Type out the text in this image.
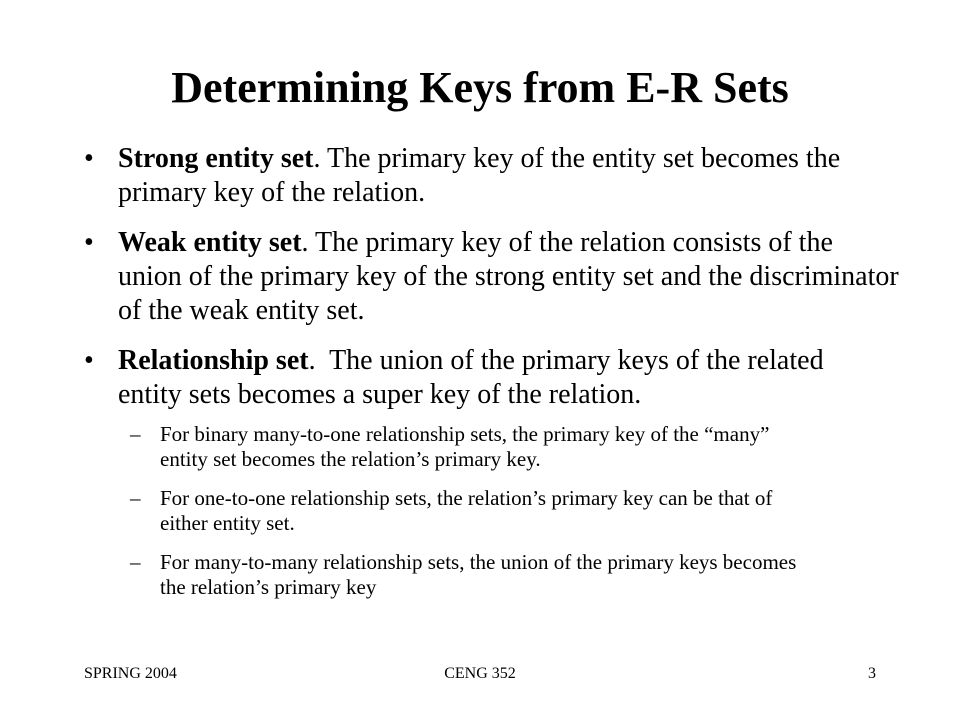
Determining Keys from E-R Sets
• Strong entity set. The primary key of the entity set becomes the primary key of the relation.
• Weak entity set. The primary key of the relation consists of the union of the primary key of the strong entity set and the discriminator of the weak entity set.
• Relationship set.  The union of the primary keys of the related    entity sets becomes a super key of the relation.
– For binary many-to-one relationship sets, the primary key of the “many” entity set becomes the relation’s primary key.
– For one-to-one relationship sets, the relation’s primary key can be that of either entity set.
– For many-to-many relationship sets, the union of the primary keys becomes the relation’s primary key
SPRING 2004	CENG 352	3
